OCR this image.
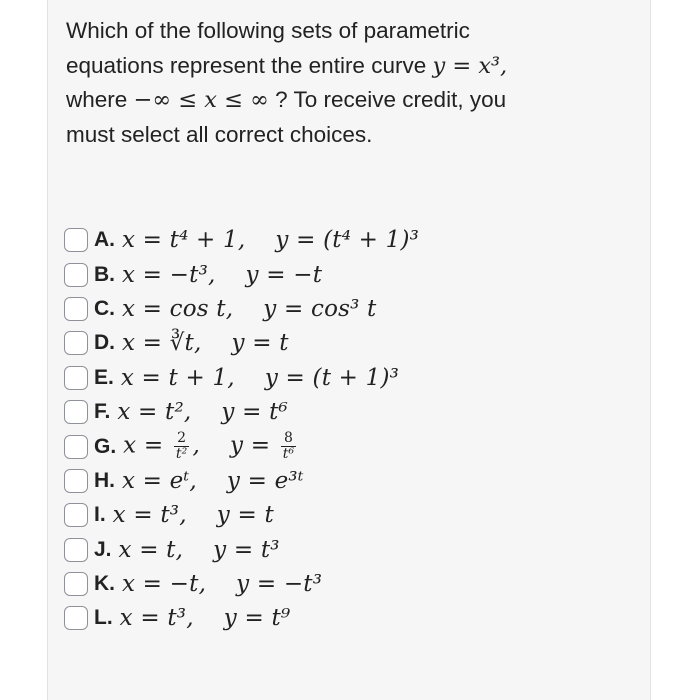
Which of the following sets of parametric
equations represent the entire curve y = x³,
where −∞ ≤ x ≤ ∞ ? To receive credit, you
must select all correct choices.
A. x = t⁴ + 1,    y = (t⁴ + 1)³
B. x = −t³,    y = −t
C. x = cos t,    y = cos³ t
D. x = ∛t,    y = t
E. x = t + 1,    y = (t + 1)³
F. x = t²,    y = t⁶
G. $x = \frac{2}{\text{t²}}$ ,    $y = \frac{8}{\text{t⁶}}$
H. x = eᵗ,    y = e³ᵗ
I. x = t³,    y = t
J. x = t,    y = t³
K. x = −t,    y = −t³
L. x = t³,    y = t⁹
